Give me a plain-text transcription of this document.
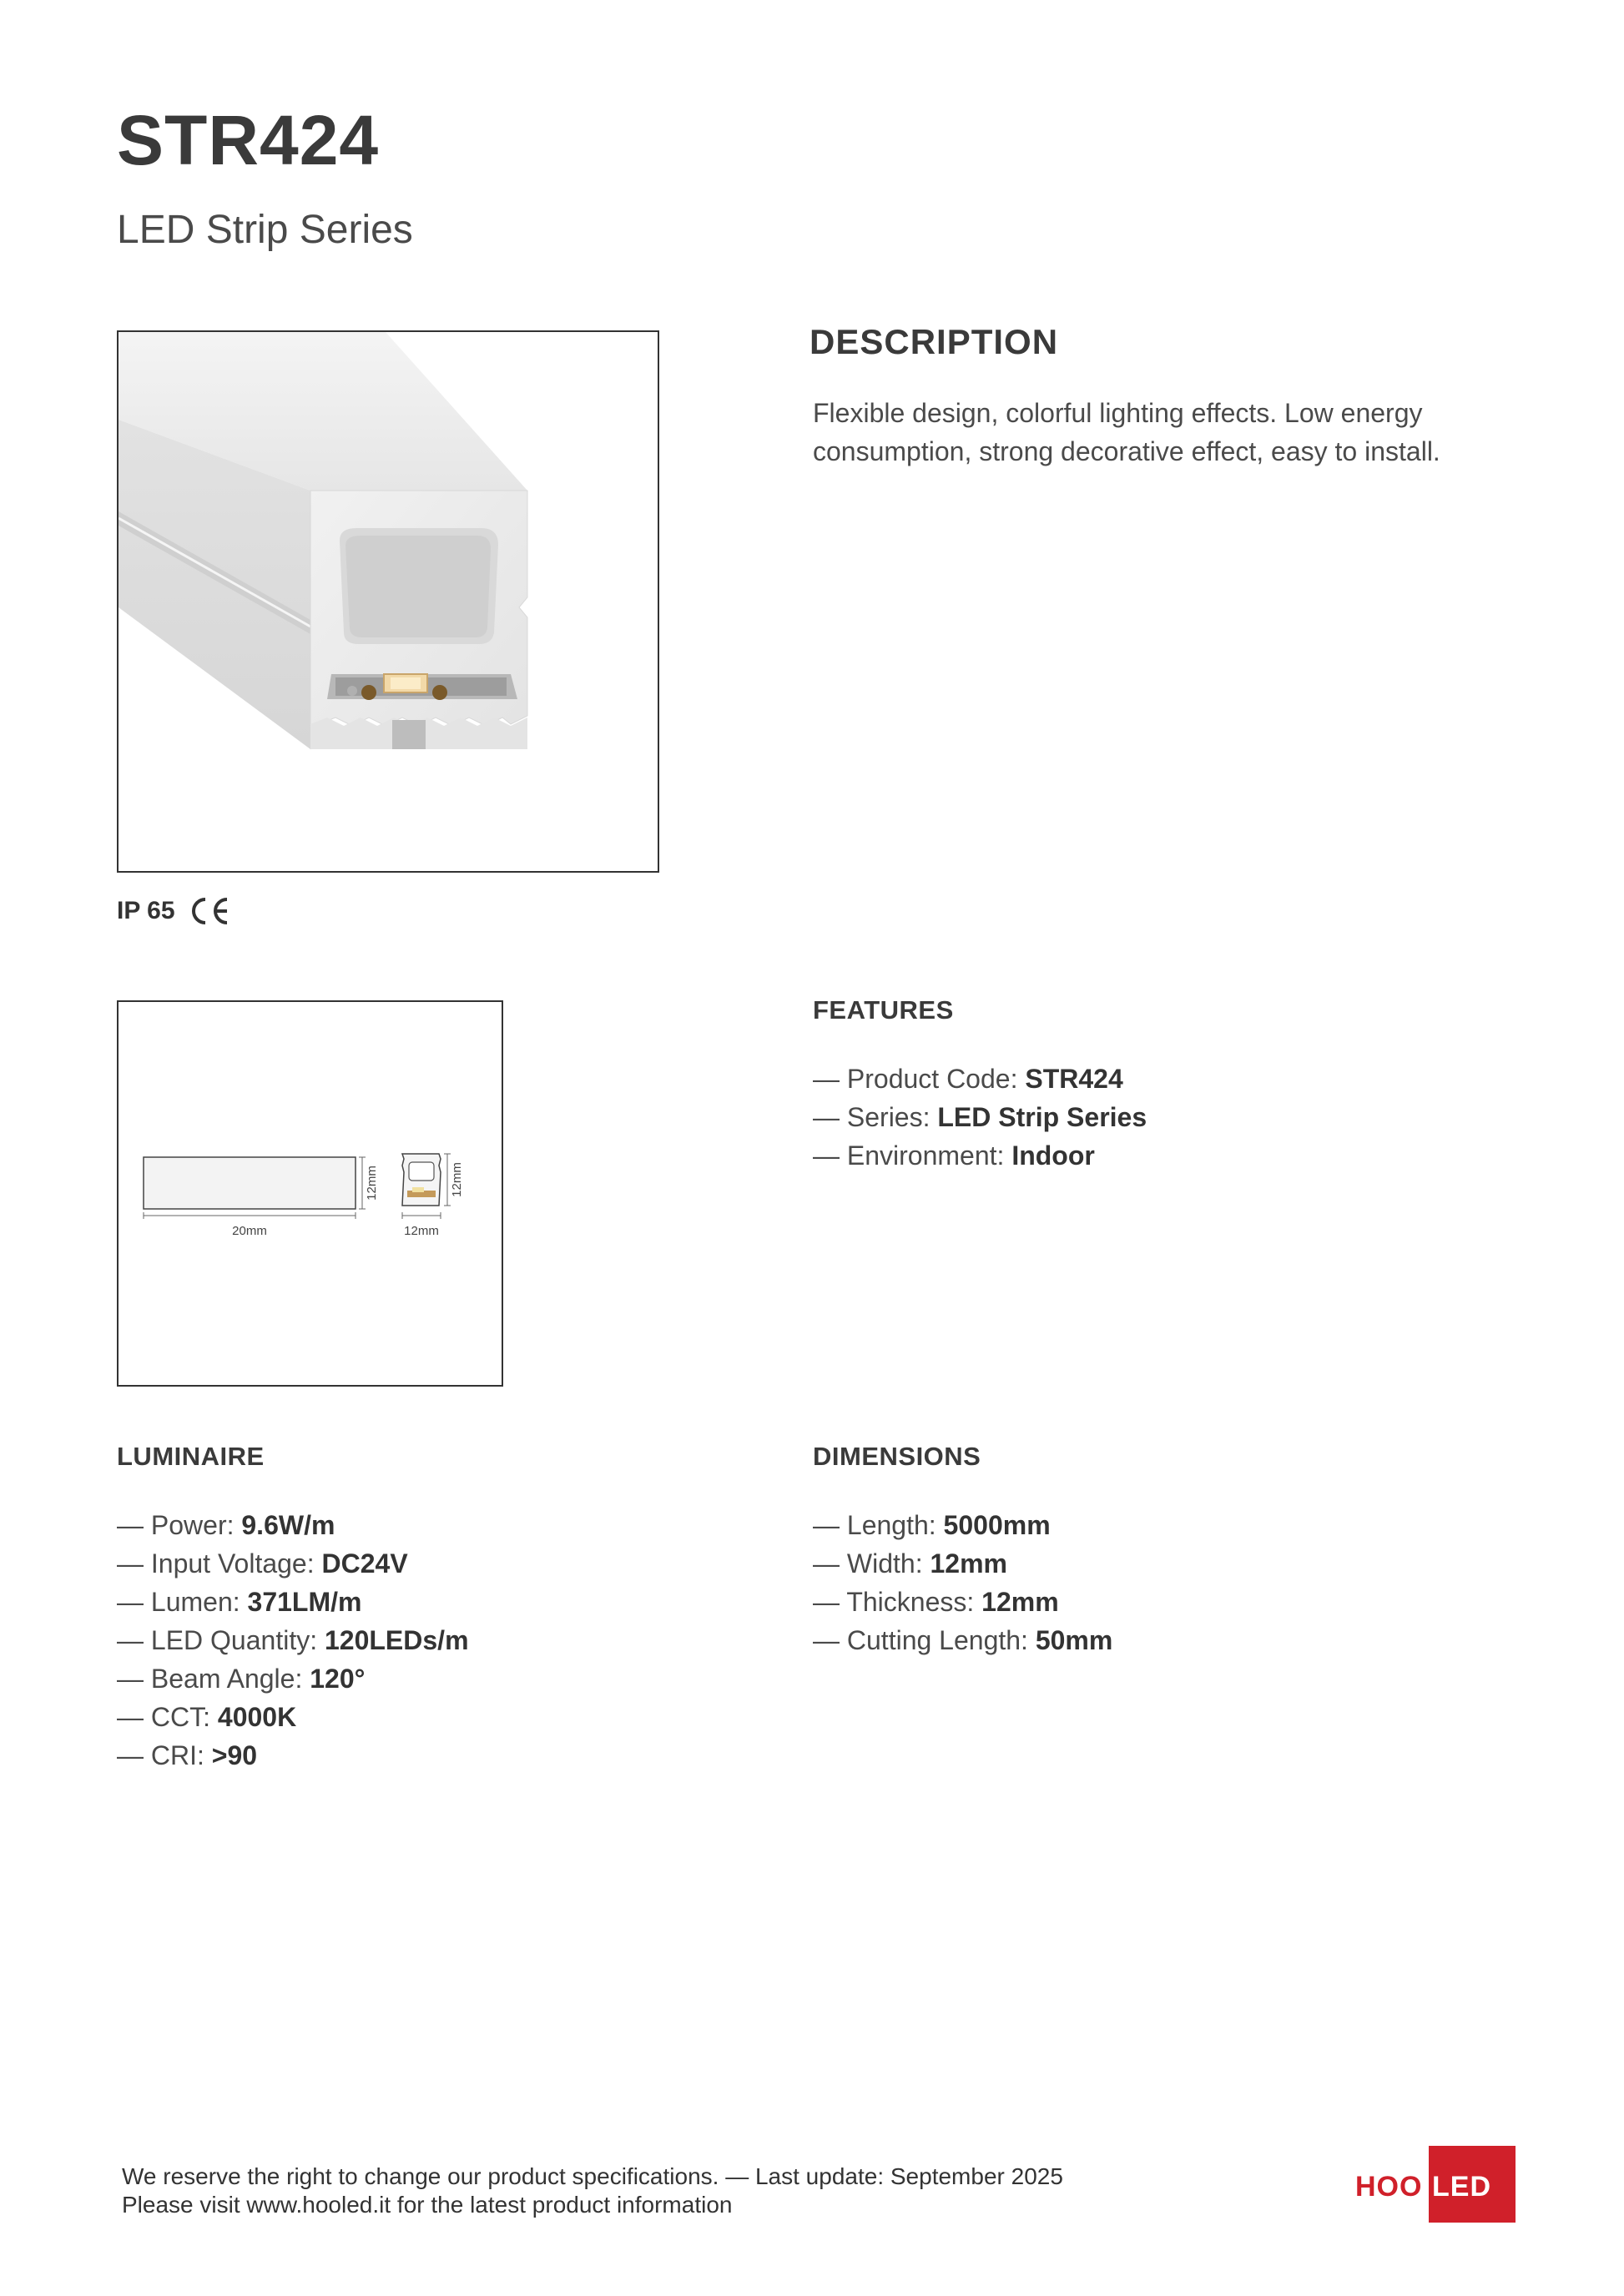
STR424
LED Strip Series
IP 65
DESCRIPTION
Flexible design, colorful lighting effects. Low energy consumption, strong decorative effect, easy to install.
20mm	12mm
12mm	12mm
FEATURES
— Product Code: STR424
— Series: LED Strip Series
— Environment: Indoor
LUMINAIRE
— Power: 9.6W/m
— Input Voltage: DC24V
— Lumen: 371LM/m
— LED Quantity: 120LEDs/m
— Beam Angle: 120°
— CCT: 4000K
— CRI: >90
DIMENSIONS
— Length: 5000mm
— Width: 12mm
— Thickness: 12mm
— Cutting Length: 50mm
We reserve the right to change our product specifications. — Last update: September 2025
Please visit www.hooled.it for the latest product information
HOO LED
